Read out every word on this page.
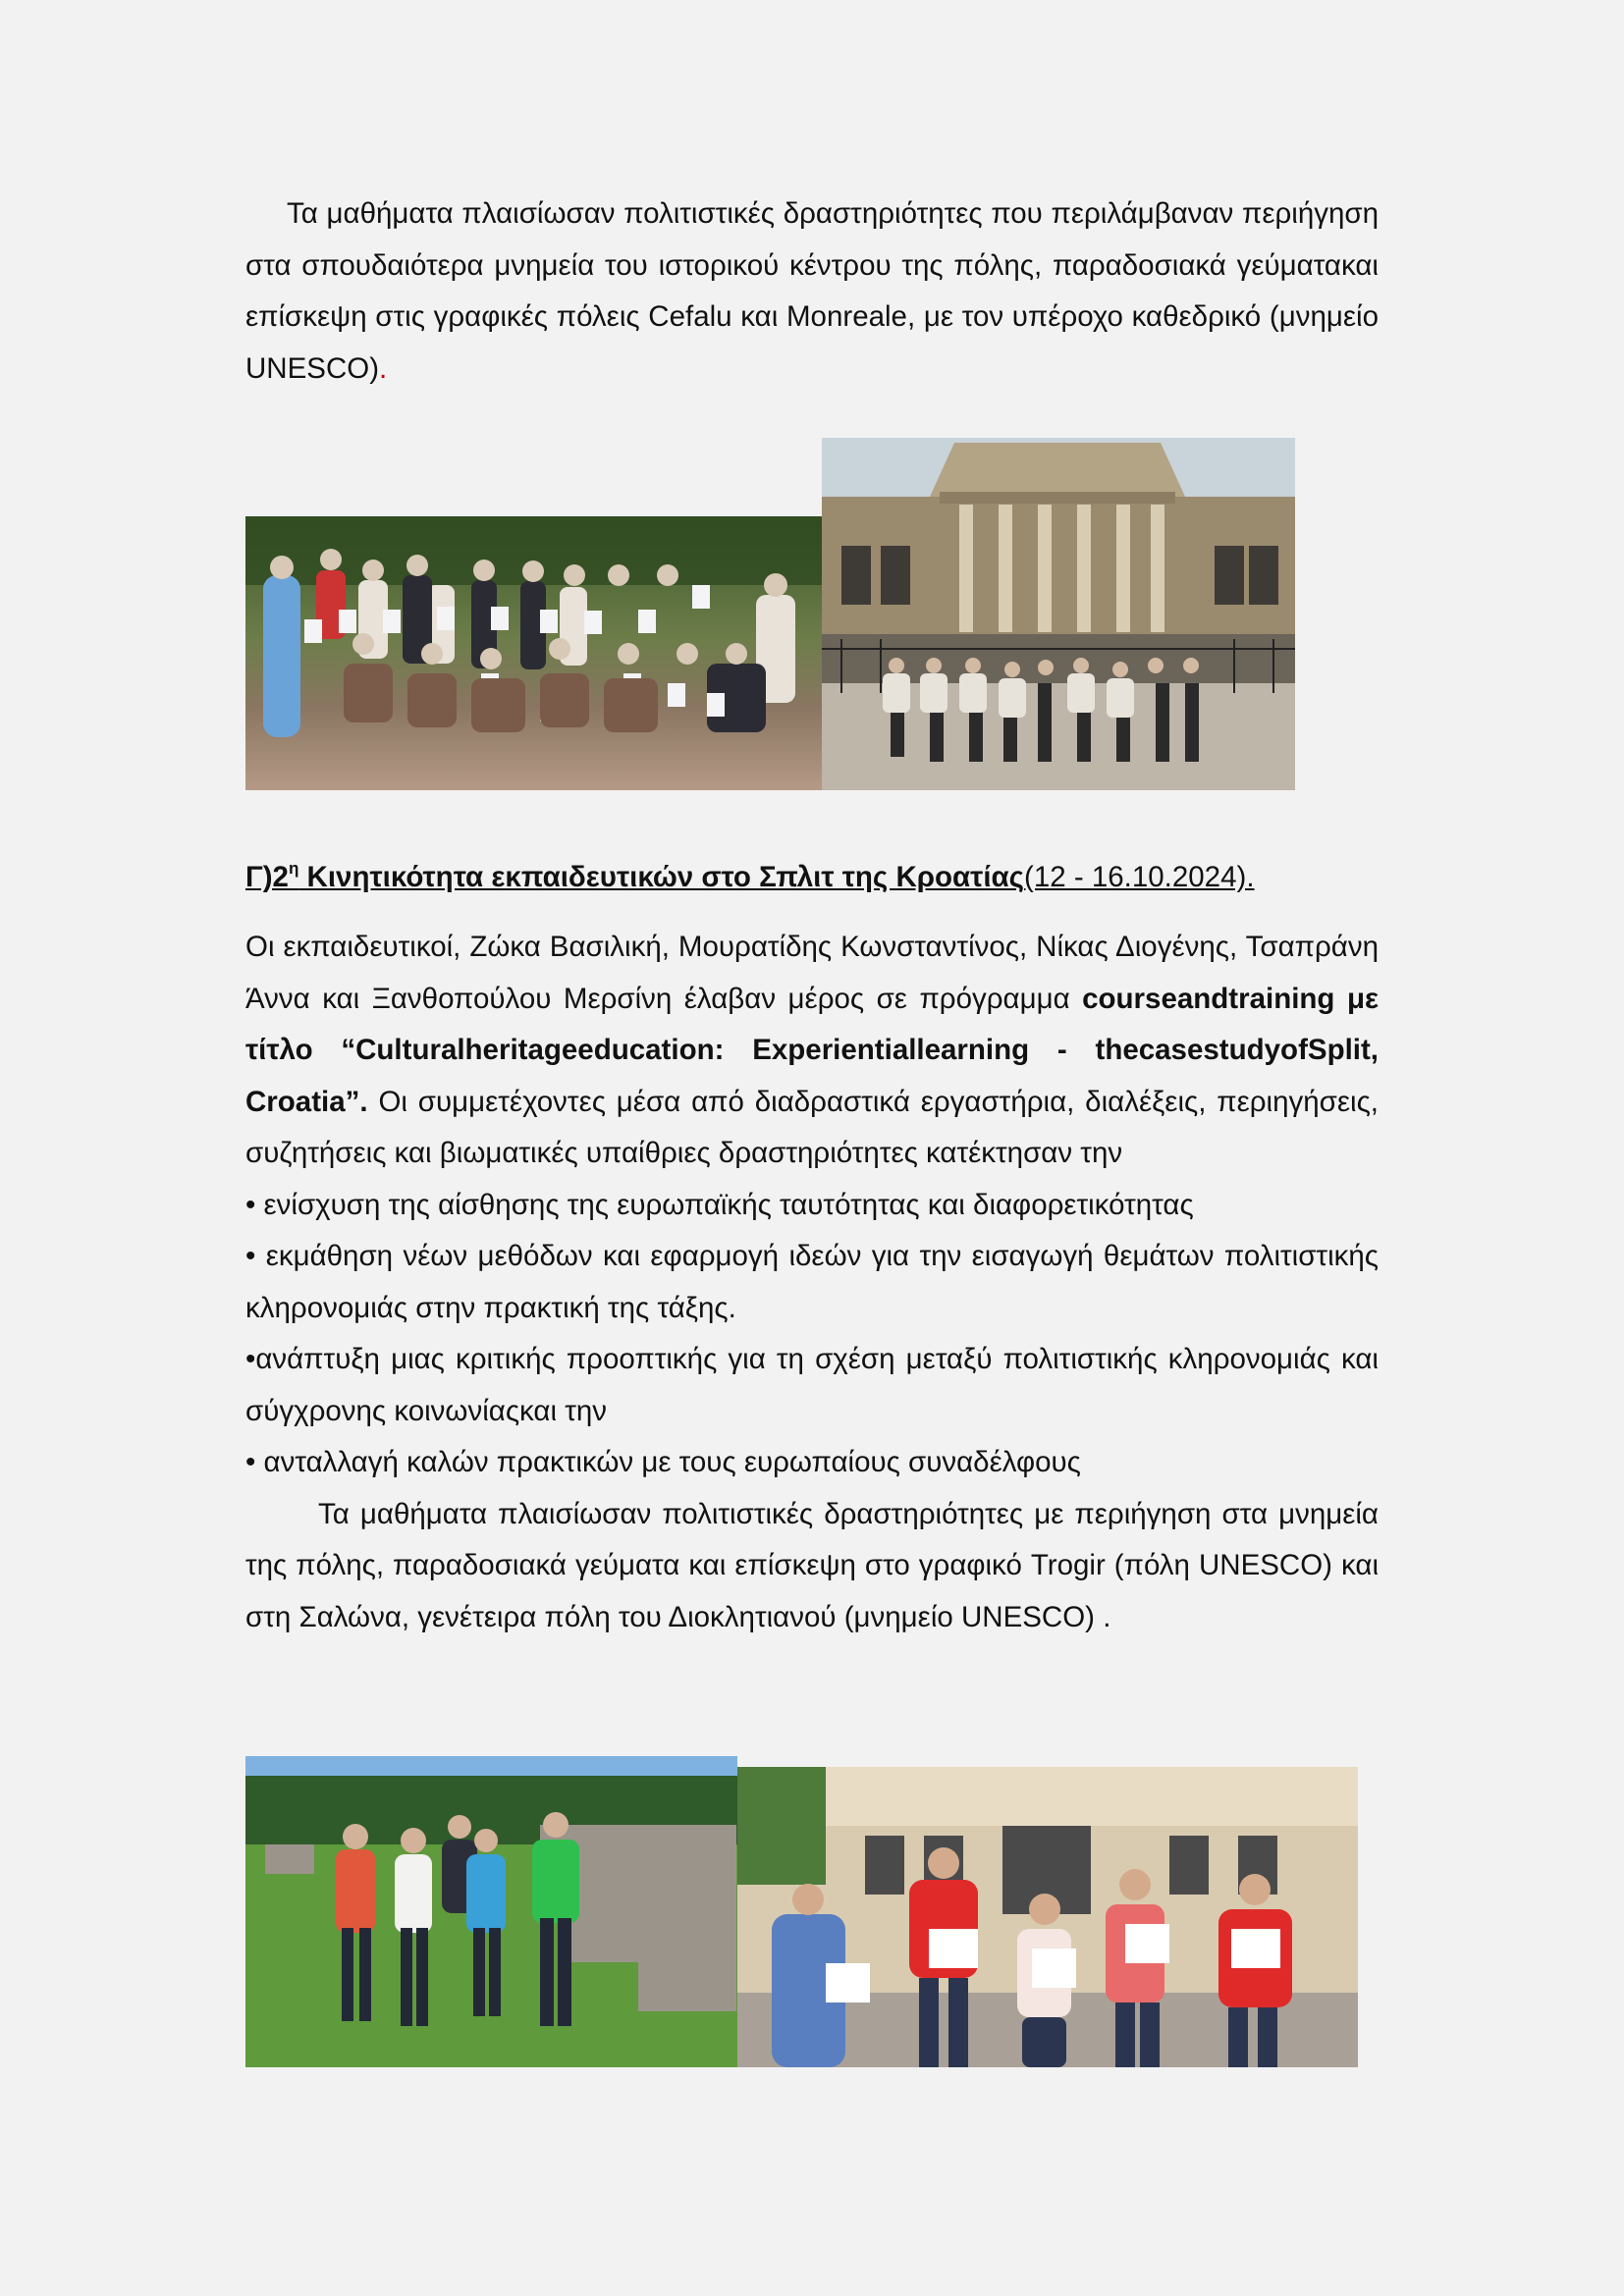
Τα μαθήματα πλαισίωσαν πολιτιστικές δραστηριότητες που περιλάμβαναν περιήγηση στα σπουδαιότερα μνημεία του ιστορικού κέντρου της πόλης, παραδοσιακά γεύματακαι επίσκεψη στις γραφικές πόλεις Cefalu και Monreale, με τον υπέροχο καθεδρικό (μνημείο UNESCO).

$\Gamma)2^\eta$ Κινητικότητα εκπαιδευτικών στο Σπλιτ της Κροατίας(12 - 16.10.2024).

Οι εκπαιδευτικοί, Ζώκα Βασιλική, Μουρατίδης Κωνσταντίνος, Νίκας Διογένης, Τσαπράνη Άννα και Ξανθοπούλου Μερσίνη έλαβαν μέρος σε πρόγραμμα courseandtraining με τίτλο “Culturalheritageeducation: Experientiallearning - thecasestudyofSplit, Croatia”. Οι συμμετέχοντες μέσα από διαδραστικά εργαστήρια, διαλέξεις, περιηγήσεις, συζητήσεις και βιωματικές υπαίθριες δραστηριότητες κατέκτησαν την

• ενίσχυση της αίσθησης της ευρωπαϊκής ταυτότητας και διαφορετικότητας

• εκμάθηση νέων μεθόδων και εφαρμογή ιδεών για την εισαγωγή θεμάτων πολιτιστικής κληρονομιάς στην πρακτική της τάξης.

•ανάπτυξη μιας κριτικής προοπτικής για τη σχέση μεταξύ πολιτιστικής κληρονομιάς και σύγχρονης κοινωνίαςκαι την

• ανταλλαγή καλών πρακτικών με τους ευρωπαίους συναδέλφους

Τα μαθήματα πλαισίωσαν πολιτιστικές δραστηριότητες με περιήγηση στα μνημεία της πόλης, παραδοσιακά γεύματα και επίσκεψη στο γραφικό Trogir (πόλη UNESCO) και στη Σαλώνα, γενέτειρα πόλη του Διοκλητιανού (μνημείο UNESCO) .
